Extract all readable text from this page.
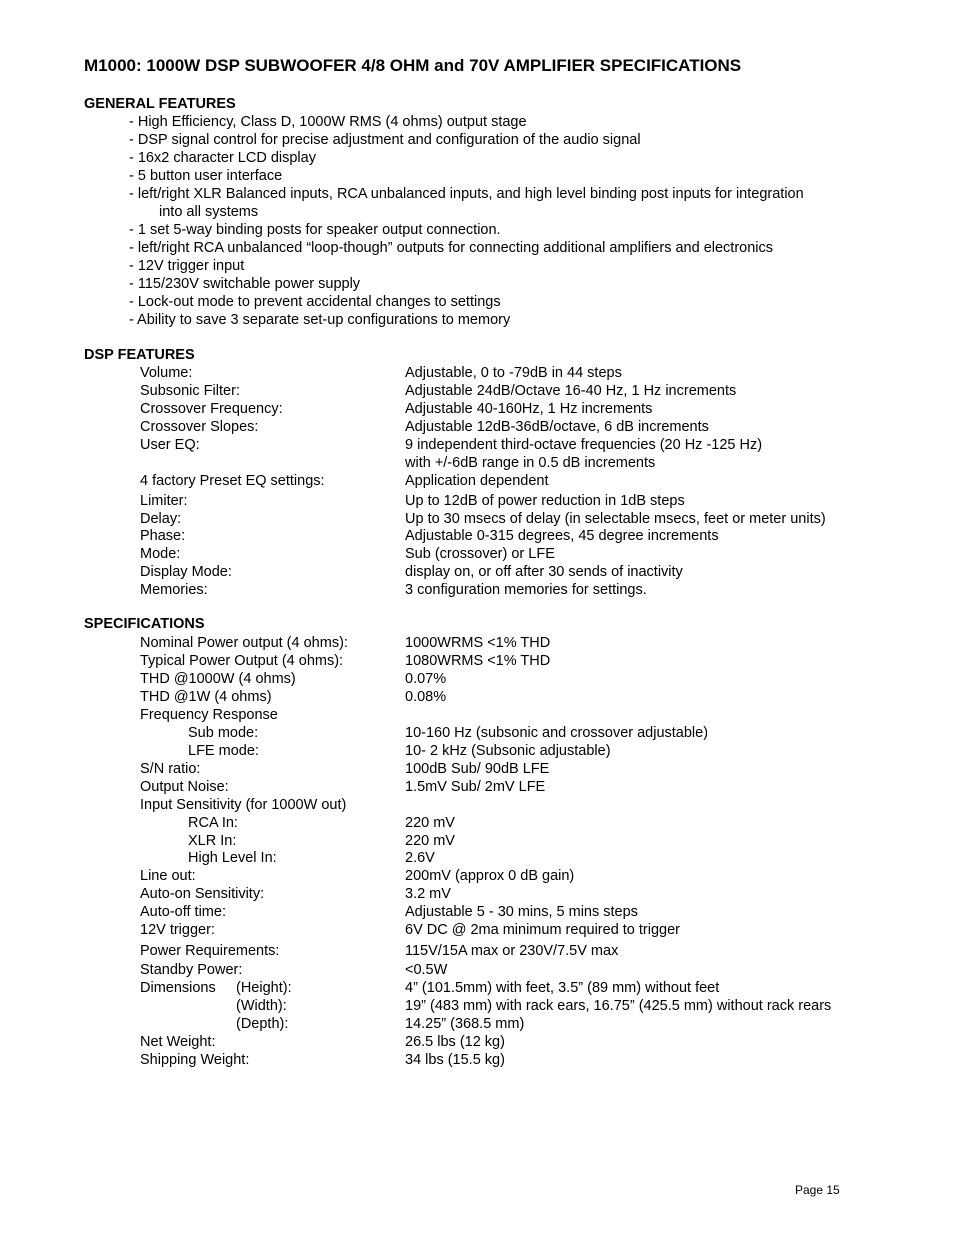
M1000: 1000W DSP SUBWOOFER 4/8 OHM and 70V AMPLIFIER SPECIFICATIONS
GENERAL FEATURES
- High Efficiency, Class D, 1000W RMS (4 ohms) output stage
- DSP signal control for precise adjustment and configuration of the audio signal
- 16x2 character LCD display
- 5 button user interface
- left/right XLR Balanced inputs, RCA unbalanced inputs, and high level binding post inputs for integration
into all systems
- 1 set 5-way binding posts for speaker output connection.
- left/right RCA unbalanced “loop-though” outputs for connecting additional amplifiers and electronics
- 12V trigger input
- 115/230V switchable power supply
- Lock-out mode to prevent accidental changes to settings
- Ability to save 3 separate set-up configurations to memory
DSP FEATURES
Volume:	Adjustable, 0 to -79dB in 44 steps
Subsonic Filter:	Adjustable 24dB/Octave 16-40 Hz, 1 Hz increments
Crossover Frequency:	Adjustable 40-160Hz, 1 Hz increments
Crossover Slopes:	Adjustable 12dB-36dB/octave, 6 dB increments
User EQ:	9 independent third-octave frequencies (20 Hz -125 Hz)
with +/-6dB range in 0.5 dB increments
4 factory Preset EQ settings:	Application dependent
Limiter:	Up to 12dB of power reduction in 1dB steps
Delay:	Up to 30 msecs of delay (in selectable msecs, feet or meter units)
Phase:	Adjustable 0-315 degrees, 45 degree increments
Mode:	Sub (crossover) or LFE
Display Mode:	display on, or off after 30 sends of inactivity
Memories:	3 configuration memories for settings.
SPECIFICATIONS
Nominal Power output (4 ohms):	1000WRMS <1% THD
Typical Power Output (4 ohms):	1080WRMS <1% THD
THD @1000W (4 ohms)	0.07%
THD @1W (4 ohms)	0.08%
Frequency Response
Sub mode:	10-160 Hz (subsonic and crossover adjustable)
LFE mode:	10- 2 kHz (Subsonic adjustable)
S/N ratio:	100dB Sub/ 90dB LFE
Output Noise:	1.5mV Sub/ 2mV LFE
Input Sensitivity (for 1000W out)
RCA In:	220 mV
XLR In:	220 mV
High Level In:	2.6V
Line out:	200mV (approx 0 dB gain)
Auto-on Sensitivity:	3.2 mV
Auto-off time:	Adjustable 5 - 30 mins, 5 mins steps
12V trigger:	6V DC @ 2ma minimum required to trigger
Power Requirements:	115V/15A max or 230V/7.5V max
Standby Power:	<0.5W
Dimensions (Height):	4” (101.5mm) with feet, 3.5” (89 mm) without feet
(Width):	19” (483 mm) with rack ears, 16.75” (425.5 mm) without rack rears
(Depth):	14.25” (368.5 mm)
Net Weight:	26.5 lbs (12 kg)
Shipping Weight:	34 lbs (15.5 kg)
Page 15
